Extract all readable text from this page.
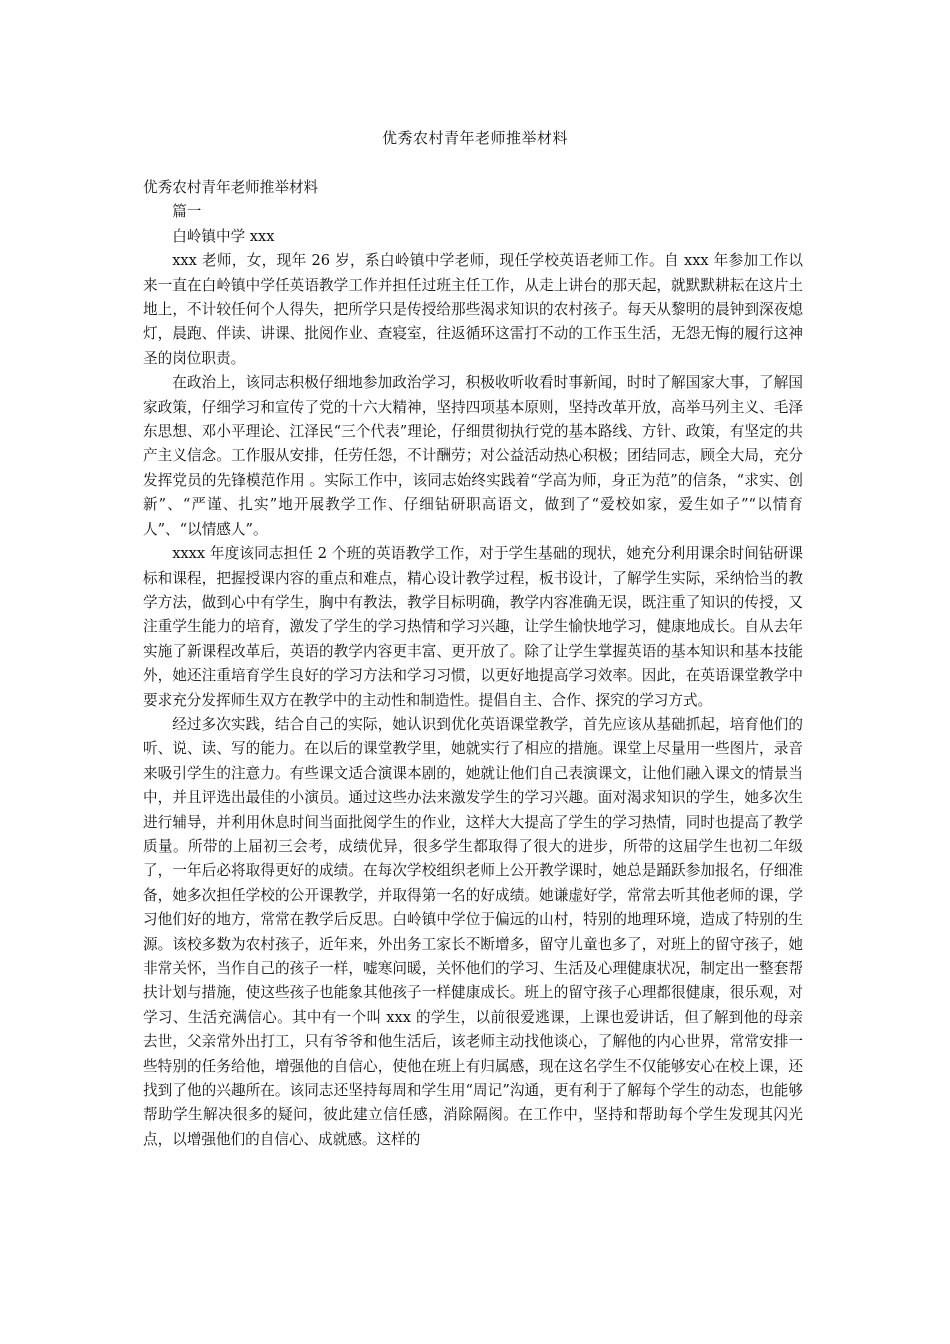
优秀农村青年老师推举材料

优秀农村青年老师推举材料

篇一

白岭镇中学 xxx

xxx 老师，女，现年 26 岁，系白岭镇中学老师，现任学校英语老师工作。自 xxx 年参加工作以来一直在白岭镇中学任英语教学工作并担任过班主任工作，从走上讲台的那天起，就默默耕耘在这片土地上，不计较任何个人得失，把所学只是传授给那些渴求知识的农村孩子。每天从黎明的晨钟到深夜熄灯，晨跑、伴读、讲课、批阅作业、查寝室，往返循环这雷打不动的工作玉生活，无怨无悔的履行这神圣的岗位职责。

在政治上，该同志积极仔细地参加政治学习，积极收听收看时事新闻，时时了解国家大事，了解国家政策，仔细学习和宣传了党的十六大精神，坚持四项基本原则，坚持改革开放，高举马列主义、毛泽东思想、邓小平理论、江泽民“三个代表”理论，仔细贯彻执行党的基本路线、方针、政策，有坚定的共产主义信念。工作服从安排，任劳任怨，不计酬劳；对公益活动热心积极；团结同志，顾全大局，充分发挥党员的先锋模范作用 。实际工作中，该同志始终实践着“学高为师，身正为范”的信条，“求实、创新”、“严谨、扎实”地开展教学工作、仔细钻研职高语文，做到了“爱校如家，爱生如子”“以情育人”、“以情感人”。

xxxx 年度该同志担任 2 个班的英语教学工作，对于学生基础的现状，她充分利用课余时间钻研课标和课程，把握授课内容的重点和难点，精心设计教学过程，板书设计，了解学生实际，采纳恰当的教学方法，做到心中有学生，胸中有教法，教学目标明确，教学内容准确无误，既注重了知识的传授，又注重学生能力的培育，激发了学生的学习热情和学习兴趣，让学生愉快地学习，健康地成长。自从去年实施了新课程改革后，英语的教学内容更丰富、更开放了。除了让学生掌握英语的基本知识和基本技能外，她还注重培育学生良好的学习方法和学习习惯，以更好地提高学习效率。因此，在英语课堂教学中要求充分发挥师生双方在教学中的主动性和制造性。提倡自主、合作、探究的学习方式。

经过多次实践，结合自己的实际，她认识到优化英语课堂教学，首先应该从基础抓起，培育他们的听、说、读、写的能力。在以后的课堂教学里，她就实行了相应的措施。课堂上尽量用一些图片，录音来吸引学生的注意力。有些课文适合演课本剧的，她就让他们自己表演课文，让他们融入课文的情景当中，并且评选出最佳的小演员。通过这些办法来激发学生的学习兴趣。面对渴求知识的学生，她多次生进行辅导，并利用休息时间当面批阅学生的作业，这样大大提高了学生的学习热情，同时也提高了教学质量。所带的上届初三会考，成绩优异，很多学生都取得了很大的进步，所带的这届学生也初二年级了，一年后必将取得更好的成绩。在每次学校组织老师上公开教学课时，她总是踊跃参加报名，仔细准备，她多次担任学校的公开课教学，并取得第一名的好成绩。她谦虚好学，常常去听其他老师的课，学习他们好的地方，常常在教学后反思。白岭镇中学位于偏远的山村，特别的地理环境，造成了特别的生源。该校多数为农村孩子，近年来，外出务工家长不断增多，留守儿童也多了，对班上的留守孩子，她非常关怀，当作自己的孩子一样，嘘寒问暖，关怀他们的学习、生活及心理健康状况，制定出一整套帮扶计划与措施，使这些孩子也能象其他孩子一样健康成长。班上的留守孩子心理都很健康，很乐观，对学习、生活充满信心。其中有一个叫 xxx 的学生，以前很爱逃课，上课也爱讲话，但了解到他的母亲去世，父亲常外出打工，只有爷爷和他生活后，该老师主动找他谈心，了解他的内心世界，常常安排一些特别的任务给他，增强他的自信心，使他在班上有归属感，现在这名学生不仅能够安心在校上课，还找到了他的兴趣所在。该同志还坚持每周和学生用“周记”沟通，更有利于了解每个学生的动态，也能够帮助学生解决很多的疑问，彼此建立信任感，消除隔阂。在工作中，坚持和帮助每个学生发现其闪光点，以增强他们的自信心、成就感。这样的
